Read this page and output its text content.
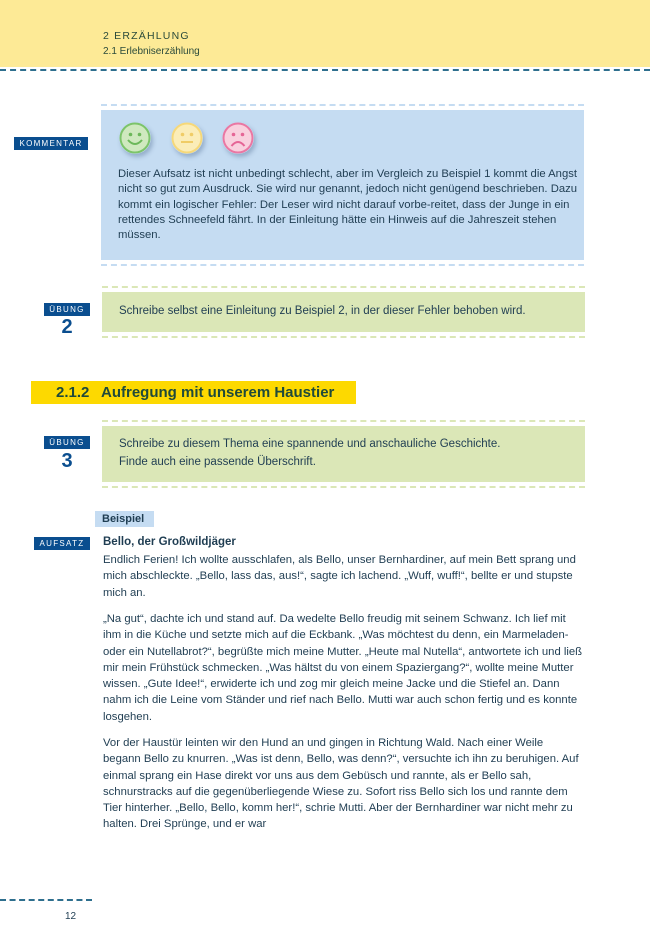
2 ERZÄHLUNG
2.1 Erlebniserzählung
KOMMENTAR
Dieser Aufsatz ist nicht unbedingt schlecht, aber im Vergleich zu Beispiel 1 kommt die Angst nicht so gut zum Ausdruck. Sie wird nur genannt, jedoch nicht genügend beschrieben. Dazu kommt ein logischer Fehler: Der Leser wird nicht darauf vorbe-reitet, dass der Junge in ein rettendes Schneefeld fährt. In der Einleitung hätte ein Hinweis auf die Jahreszeit stehen müssen.
ÜBUNG
2
Schreibe selbst eine Einleitung zu Beispiel 2, in der dieser Fehler behoben wird.
2.1.2 Aufregung mit unserem Haustier
ÜBUNG
3
Schreibe zu diesem Thema eine spannende und anschauliche Geschichte.
Finde auch eine passende Überschrift.
Beispiel
AUFSATZ	Bello, der Großwildjäger
Endlich Ferien! Ich wollte ausschlafen, als Bello, unser Bernhardiner, auf mein Bett sprang und mich abschleckte. „Bello, lass das, aus!“, sagte ich lachend. „Wuff, wuff!“, bellte er und stupste mich an.
„Na gut“, dachte ich und stand auf. Da wedelte Bello freudig mit seinem Schwanz. Ich lief mit ihm in die Küche und setzte mich auf die Eckbank. „Was möchtest du denn, ein Marmeladen- oder ein Nutellabrot?“, begrüßte mich meine Mutter. „Heute mal Nutella“, antwortete ich und ließ mir mein Frühstück schmecken. „Was hältst du von einem Spaziergang?“, wollte meine Mutter wissen. „Gute Idee!“, erwiderte ich und zog mir gleich meine Jacke und die Stiefel an. Dann nahm ich die Leine vom Ständer und rief nach Bello. Mutti war auch schon fertig und es konnte losgehen.
Vor der Haustür leinten wir den Hund an und gingen in Richtung Wald. Nach einer Weile begann Bello zu knurren. „Was ist denn, Bello, was denn?“, versuchte ich ihn zu beruhigen. Auf einmal sprang ein Hase direkt vor uns aus dem Gebüsch und rannte, als er Bello sah, schnurstracks auf die gegenüberliegende Wiese zu. Sofort riss Bello sich los und rannte dem Tier hinterher. „Bello, Bello, komm her!“, schrie Mutti. Aber der Bernhardiner war nicht mehr zu halten. Drei Sprünge, und er war
12
